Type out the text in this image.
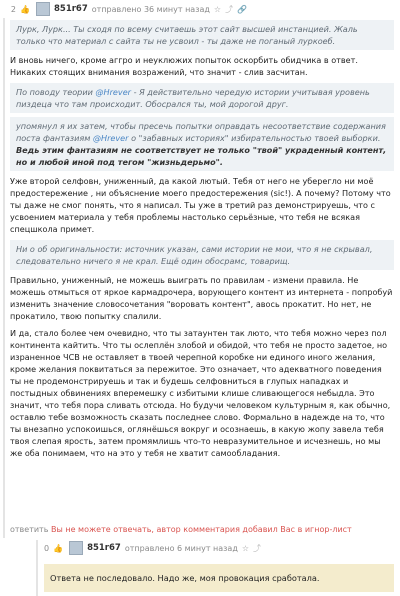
2 👍	851r67 отправлено 36 минут назад ☆ ⤴ 🔗

Лурк, Лурк... Ты сходя по всему считаешь этот сайт высшей инстанцией. Жаль только что материал с сайта ты не усвоил - ты даже не поганый луркоеб.

И вновь ничего, кроме аггро и неуклюжих попыток оскорбить обидчика в ответ. Никаких стоящих внимания возражений, что значит - слив засчитан.

По поводу теории @Hrever - Я действительно чередую истории учитывая уровень пиздеца что там происходит. Обосрался ты, мой дорогой друг.

упомянул я их затем, чтобы пресечь попытки оправдать несоответствие содержания поста фантазиям @Hrever о "забавных историях" избирательностью твоей выборки. Ведь этим фантазиям не соответствует не только "твой" украденный контент, но и любой иной под тегом "жизньдерьмо".

Уже второй селфовн, униженный, да какой лютый. Тебя от него не уберегло ни моё предостережение , ни объяснение моего предостережения (sic!). А почему? Потому что ты даже не смог понять, что я написал. Ты уже в третий раз демонстрируешь, что с усвоением материала у тебя проблемы настолько серьёзные, что тебя не всякая спецшкола примет.

Ни о об оригинальности: источник указан, сами истории не мои, что я не скрывал, следовательно ничего я не крал. Ещё один обосрамс, товарищ.

Правильно, униженный, не можешь выиграть по правилам - измени правила. Не можешь отмыться от яркое кармадрочера, ворующего контент из интернета - попробуй изменить значение словосочетания "воровать контент", авось прокатит. Но нет, не прокатило, твою попытку спалили.

И да, стало более чем очевидно, что ты затаунтен так люто, что тебя можно через пол континента кайтить. Что ты ослеплён злобой и обидой, что тебя не просто задетое, но израненное ЧСВ не оставляет в твоей черепной коробке ни единого иного желания, кроме желания поквитаться за пережитое. Это означает, что адекватного поведения ты не продемонстрируешь и так и будешь селфовниться в глупых нападках и постыдных обвинениях вперемешку с избитыми клише сливающегося небыдла. Это значит, что тебя пора сливать отсюда. Но будучи человеком культурным я, как обычно, оставлю тебе возможность сказать последнее слово. Формально в надежде на то, что ты внезапно успокоишься, оглянёшься вокруг и осознаешь, в какую жопу завела тебя твоя слепая ярость, затем промямлишь что-то невразумительное и исчезнешь, но мы же оба понимаем, что на это у тебя не хватит самообладания.

ответить Вы не можете отвечать, автор комментария добавил Вас в игнор-лист
0 👍	851r67 отправлено 6 минут назад ☆ ⤴
Ответа не последовало. Надо же, моя провокация сработала.
